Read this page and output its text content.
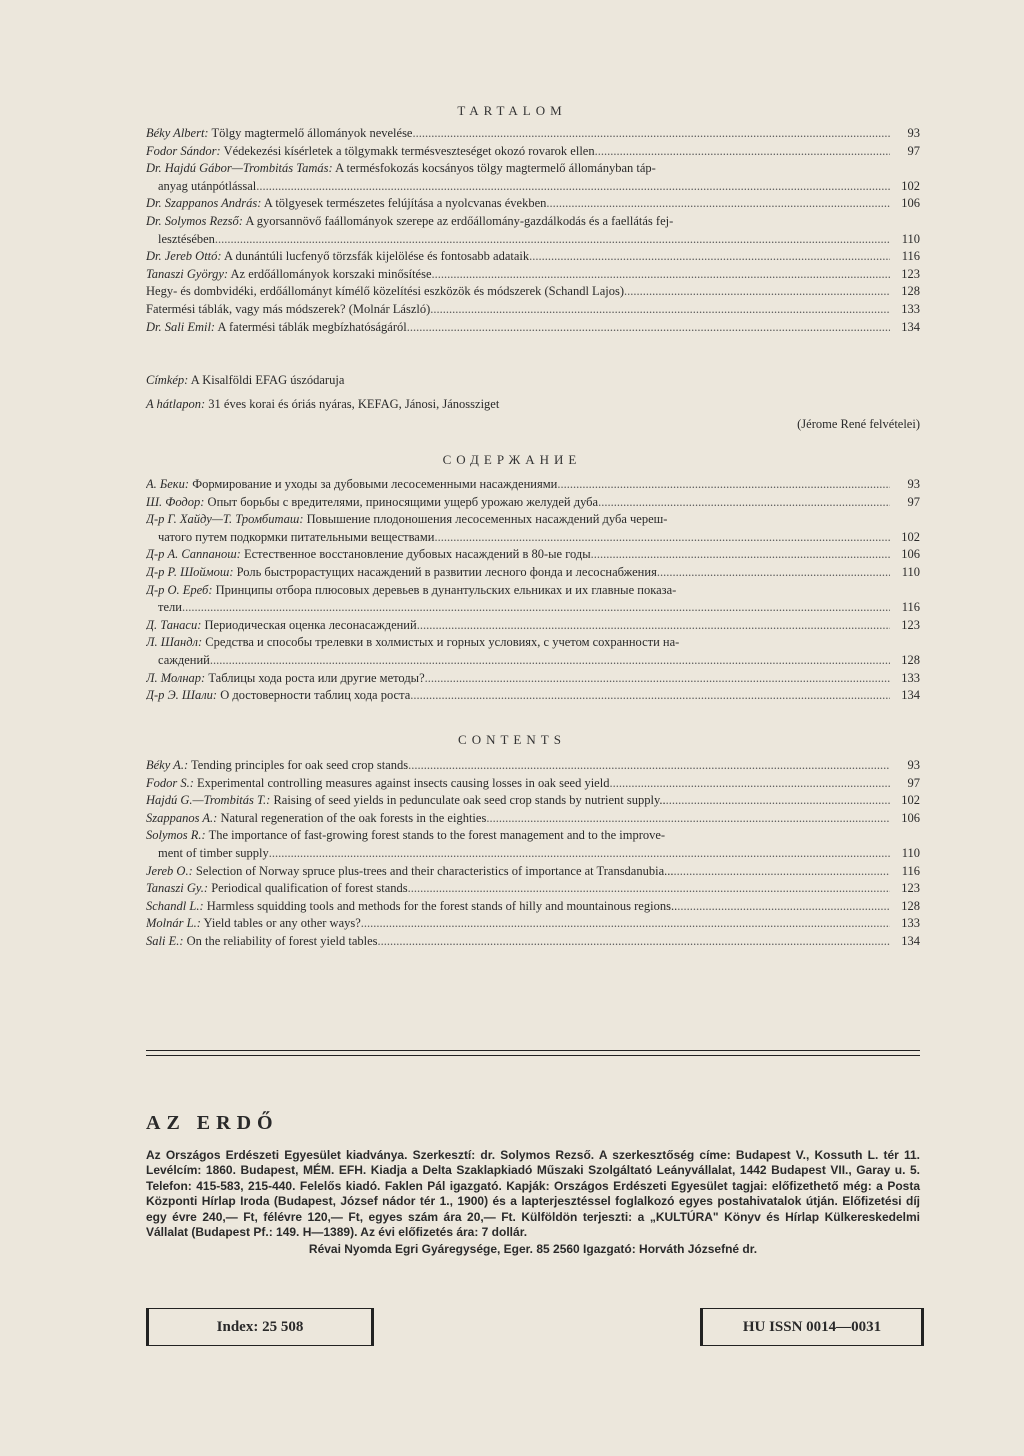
TARTALOM
Béky Albert: Tölgy magtermelő állományok nevelése .....	93
Fodor Sándor: Védekezési kísérletek a tölgymakk termésveszteséget okozó rovarok ellen .....	97
Dr. Hajdú Gábor—Trombitás Tamás: A termésfokozás kocsányos tölgy magtermelő állományban táp-
anyag utánpótlással .....	102
Dr. Szappanos András: A tölgyesek természetes felújítása a nyolcvanas években .....	106
Dr. Solymos Rezső: A gyorsannövő faállományok szerepe az erdőállomány-gazdálkodás és a faellátás fej-
lesztésében .....	110
Dr. Jereb Ottó: A dunántúli lucfenyő törzsfák kijelölése és fontosabb adataik .....	116
Tanaszi György: Az erdőállományok korszaki minősítése .....	123
Hegy- és dombvidéki, erdőállományt kímélő közelítési eszközök és módszerek (Schandl Lajos) .....	128
Fatermési táblák, vagy más módszerek? (Molnár László) .....	133
Dr. Sali Emil: A fatermési táblák megbízhatóságáról .....	134
Címkép: A Kisalföldi EFAG úszódaruja
A hátlapon: 31 éves korai és óriás nyáras, KEFAG, Jánosi, Jánossziget
(Jérome René felvételei)
СОДЕРЖАНИЕ
А. Беки: Формирование и уходы за дубовыми лесосеменными насаждениями .....	93
Ш. Фодор: Опыт борьбы с вредителями, приносящими ущерб урожаю желудей дуба .....	97
Д-р Г. Хайду—Т. Тромбиташ: Повышение плодоношения лесосеменных насаждений дуба череш-
чатого путем подкормки питательными веществами .....	102
Д-р А. Саппанош: Естественное восстановление дубовых насаждений в 80-ые годы .....	106
Д-р Р. Шоймош: Роль быстрорастущих насаждений в развитии лесного фонда и лесоснабжения .....	110
Д-р О. Ереб: Принципы отбора плюсовых деревьев в дунантульских ельниках и их главные показа-
тели .....	116
Д. Танаси: Периодическая оценка лесонасаждений .....	123
Л. Шандл: Средства и способы трелевки в холмистых и горных условиях, с учетом сохранности на-
саждений .....	128
Л. Молнар: Таблицы хода роста или другие методы? .....	133
Д-р Э. Шали: О достоверности таблиц хода роста .....	134
CONTENTS
Béky A.: Tending principles for oak seed crop stands .....	93
Fodor S.: Experimental controlling measures against insects causing losses in oak seed yield .....	97
Hajdú G.—Trombitás T.: Raising of seed yields in pedunculate oak seed crop stands by nutrient supply.. .....	102
Szappanos A.: Natural regeneration of the oak forests in the eighties .....	106
Solymos R.: The importance of fast-growing forest stands to the forest management and to the improve-
ment of timber supply .....	110
Jereb O.: Selection of Norway spruce plus-trees and their characteristics of importance at Transdanubia... .....	116
Tanaszi Gy.: Periodical qualification of forest stands .....	123
Schandl L.: Harmless squidding tools and methods for the forest stands of hilly and mountainous regions.. .....	128
Molnár L.: Yield tables or any other ways? .....	133
Sali E.: On the reliability of forest yield tables .....	134
AZ ERDŐ
Az Országos Erdészeti Egyesület kiadványa. Szerkesztí: dr. Solymos Rezső. A szerkesztőség címe: Budapest V., Kossuth L. tér 11. Levélcím: 1860. Budapest, MÉM. EFH. Kiadja a Delta Szaklapkiadó Műszaki Szolgáltató Leányvállalat, 1442 Budapest VII., Garay u. 5. Telefon: 415-583, 215-440. Felelős kiadó. Faklen Pál igazgató. Kapják: Országos Erdészeti Egyesület tagjai: előfizethető még: a Posta Központi Hírlap Iroda (Budapest, József nádor tér 1., 1900) és a lapterjesztéssel foglalkozó egyes postahivatalok útján. Előfizetési díj egy évre 240,— Ft, félévre 120,— Ft, egyes szám ára 20,— Ft. Külföldön terjeszti: a „KULTÚRA" Könyv és Hírlap Külkereskedelmi Vállalat (Budapest Pf.: 149. H—1389). Az évi előfizetés ára: 7 dollár.
Révai Nyomda Egri Gyáregysége, Eger. 85 2560 Igazgató: Horváth Józsefné dr.
Index: 25 508	HU ISSN 0014—0031
